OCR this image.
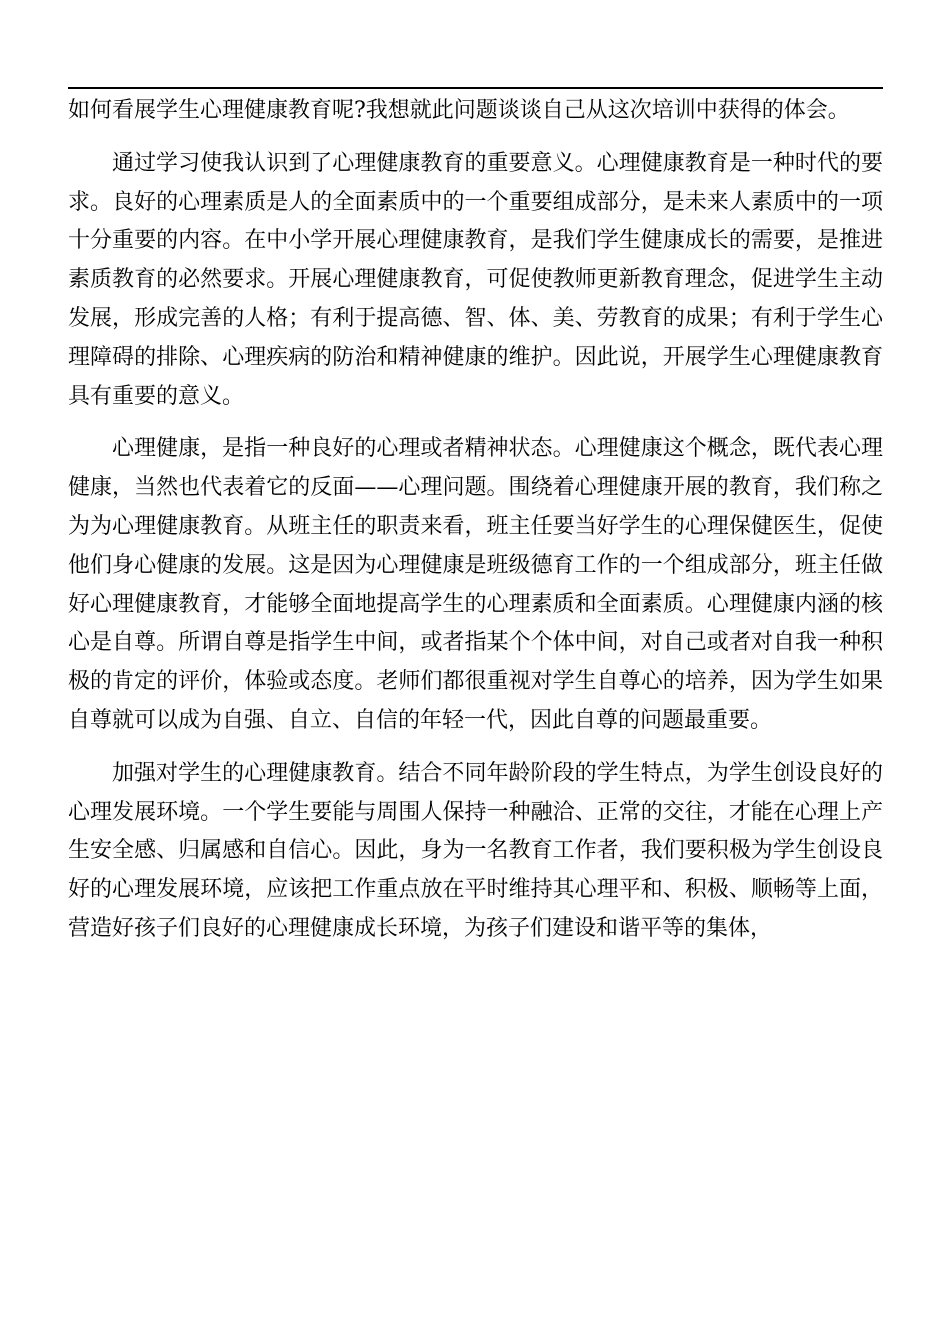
如何看展学生心理健康教育呢?我想就此问题谈谈自己从这次培训中获得的体会。

通过学习使我认识到了心理健康教育的重要意义。心理健康教育是一种时代的要求。良好的心理素质是人的全面素质中的一个重要组成部分，是未来人素质中的一项十分重要的内容。在中小学开展心理健康教育，是我们学生健康成长的需要，是推进素质教育的必然要求。开展心理健康教育，可促使教师更新教育理念，促进学生主动发展，形成完善的人格；有利于提高德、智、体、美、劳教育的成果；有利于学生心理障碍的排除、心理疾病的防治和精神健康的维护。因此说，开展学生心理健康教育具有重要的意义。

心理健康，是指一种良好的心理或者精神状态。心理健康这个概念，既代表心理健康，当然也代表着它的反面——心理问题。围绕着心理健康开展的教育，我们称之为为心理健康教育。从班主任的职责来看，班主任要当好学生的心理保健医生，促使他们身心健康的发展。这是因为心理健康是班级德育工作的一个组成部分，班主任做好心理健康教育，才能够全面地提高学生的心理素质和全面素质。心理健康内涵的核心是自尊。所谓自尊是指学生中间，或者指某个个体中间，对自己或者对自我一种积极的肯定的评价，体验或态度。老师们都很重视对学生自尊心的培养，因为学生如果自尊就可以成为自强、自立、自信的年轻一代，因此自尊的问题最重要。

加强对学生的心理健康教育。结合不同年龄阶段的学生特点，为学生创设良好的心理发展环境。一个学生要能与周围人保持一种融洽、正常的交往，才能在心理上产生安全感、归属感和自信心。因此，身为一名教育工作者，我们要积极为学生创设良好的心理发展环境，应该把工作重点放在平时维持其心理平和、积极、顺畅等上面，营造好孩子们良好的心理健康成长环境，为孩子们建设和谐平等的集体，
